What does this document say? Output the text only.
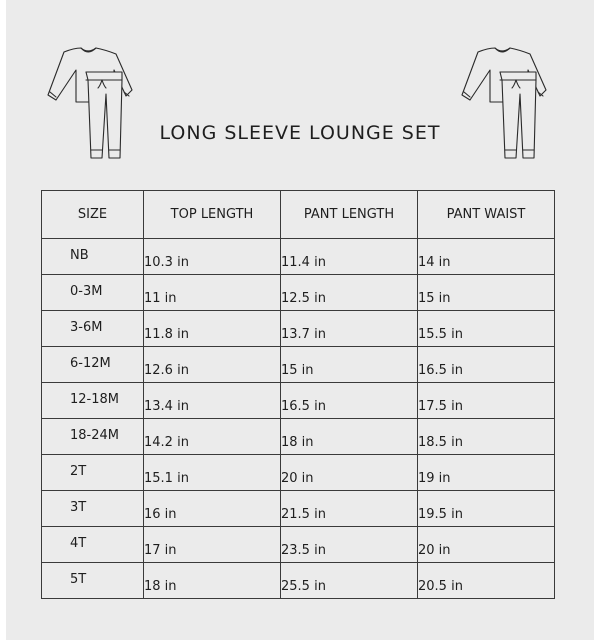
LONG SLEEVE LOUNGE SET
SIZE	TOP LENGTH	PANT LENGTH	PANT WAIST
NB	10.3 in	11.4 in	14 in
0-3M	11 in	12.5 in	15 in
3-6M	11.8 in	13.7 in	15.5 in
6-12M	12.6 in	15 in	16.5 in
12-18M	13.4 in	16.5 in	17.5 in
18-24M	14.2 in	18 in	18.5 in
2T	15.1 in	20 in	19 in
3T	16 in	21.5 in	19.5 in
4T	17 in	23.5 in	20 in
5T	18 in	25.5 in	20.5 in
